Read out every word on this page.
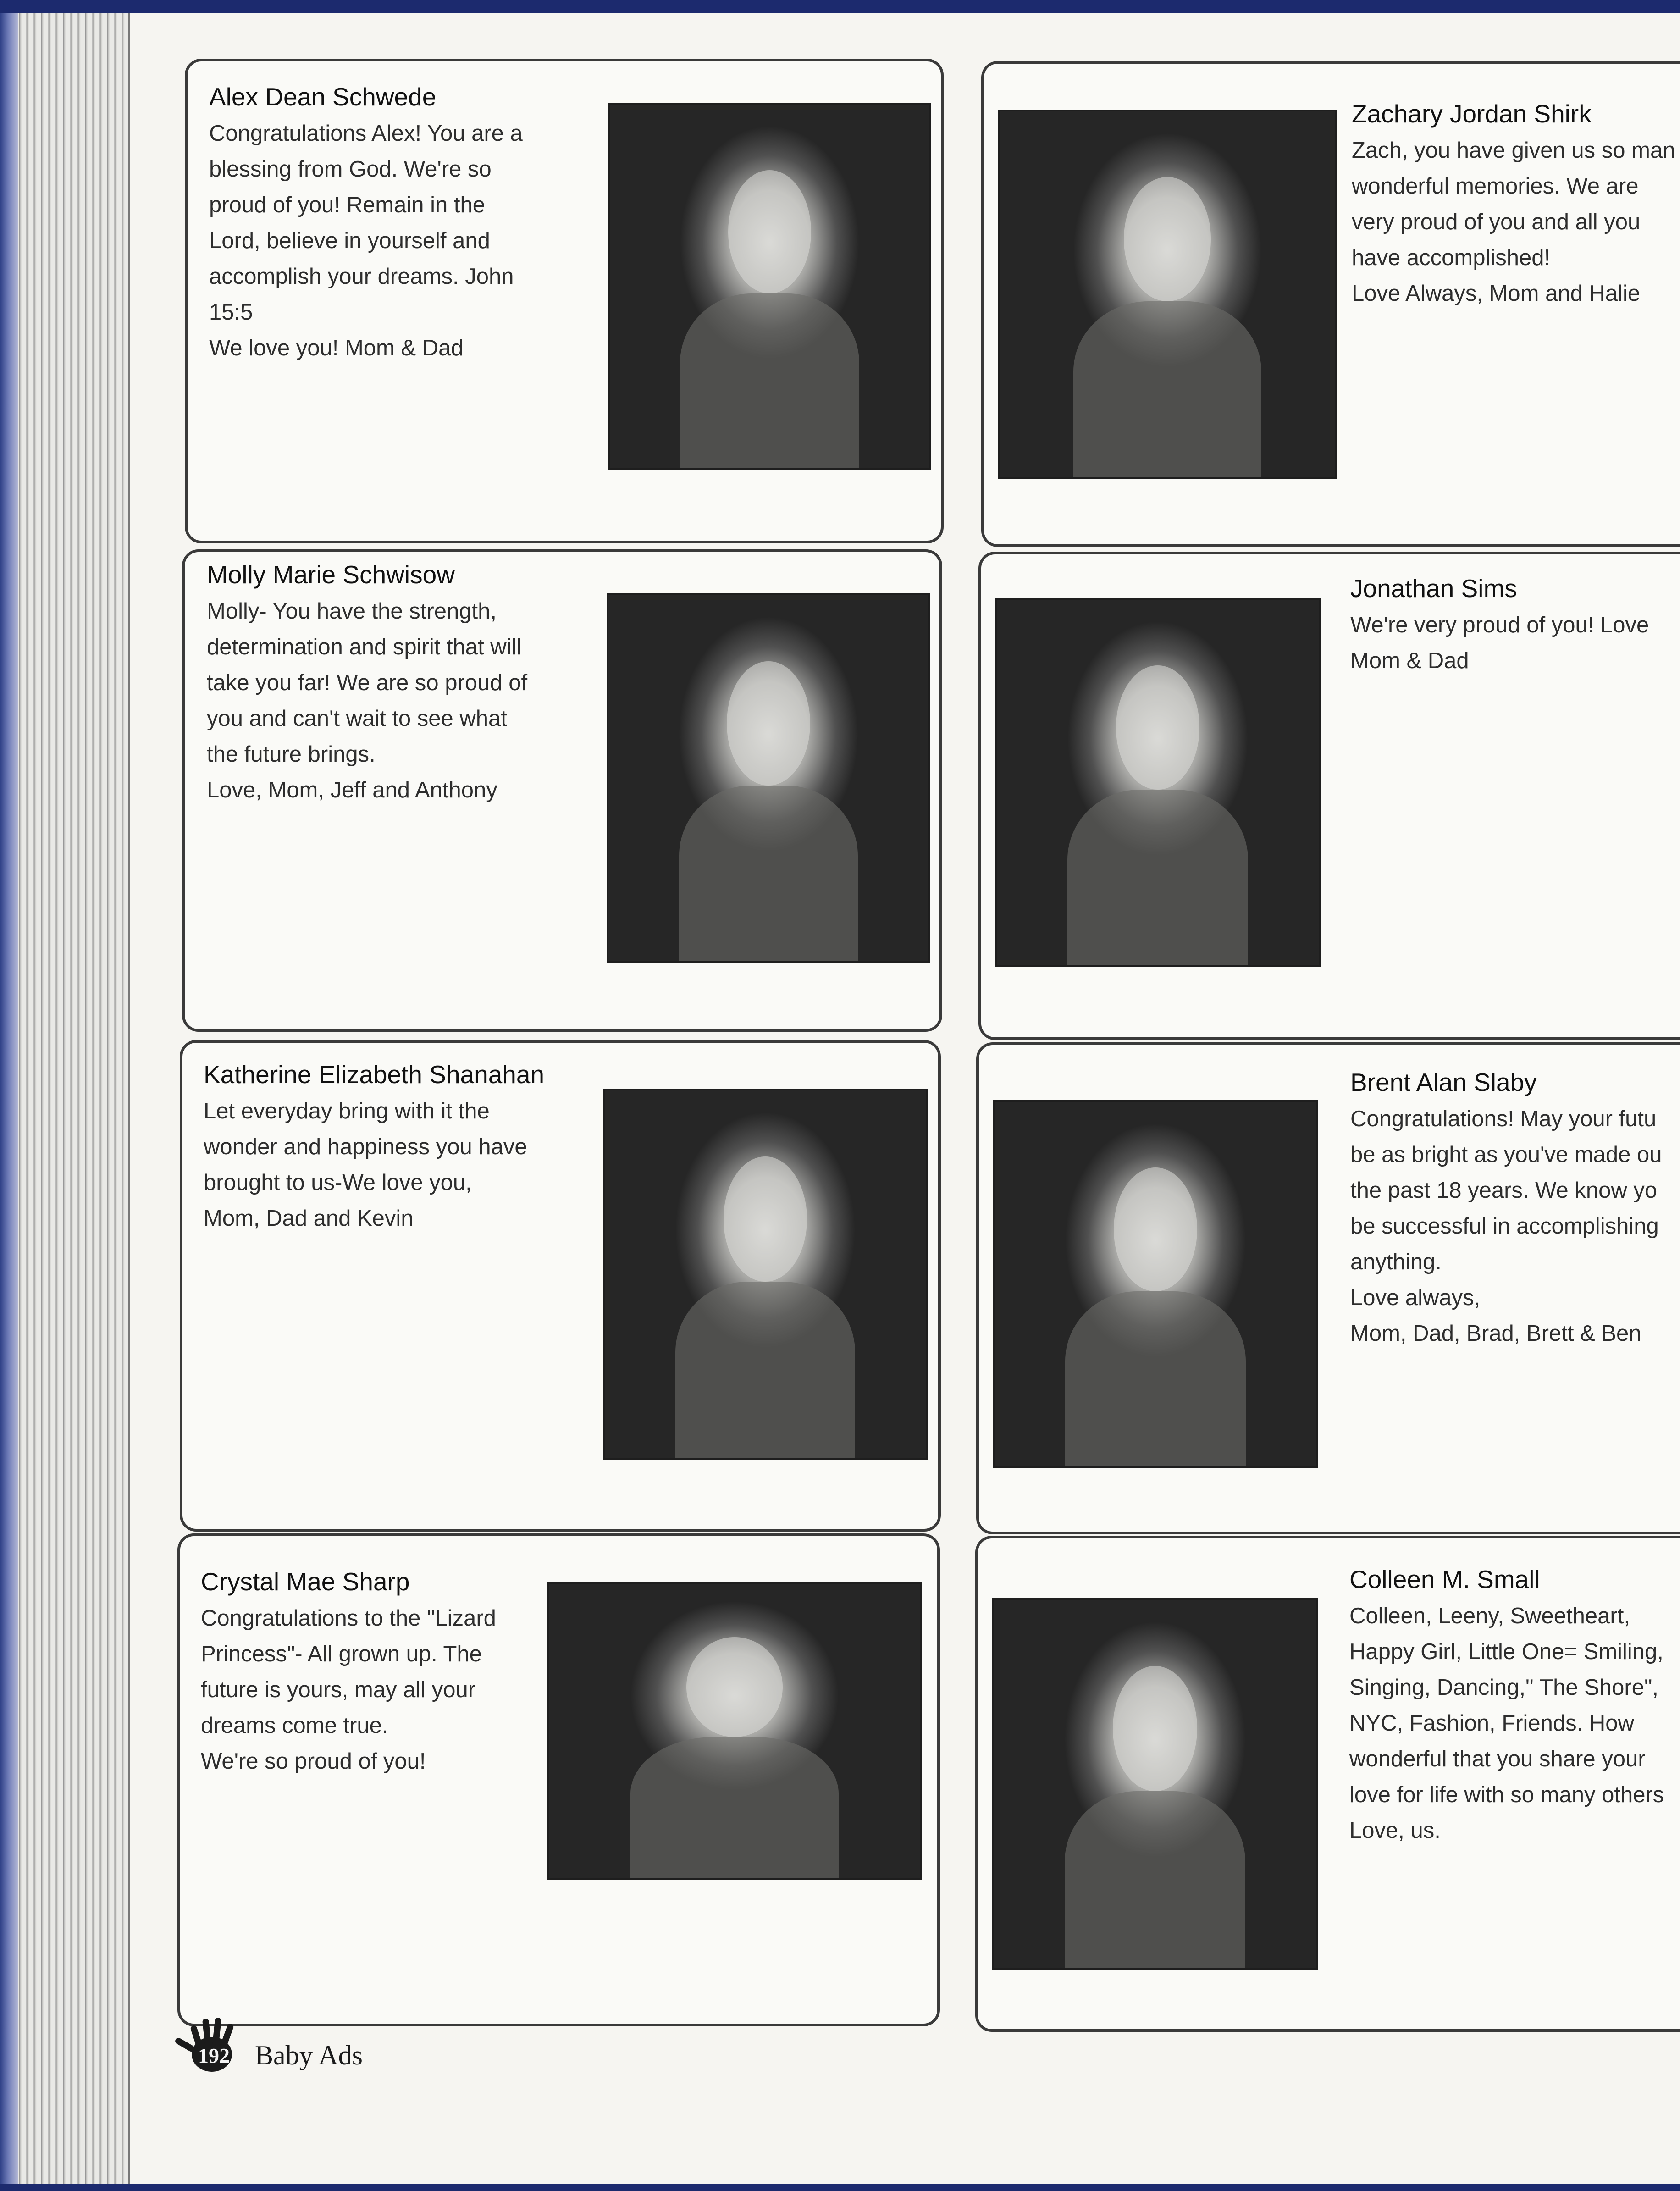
Alex Dean Schwede
Congratulations Alex! You are a
blessing from God. We're so
proud of you! Remain in the
Lord, believe in yourself and
accomplish your dreams. John
15:5
We love you! Mom & Dad
Zachary Jordan Shirk
Zach, you have given us so man
wonderful memories. We are
very proud of you and all you
have accomplished!
Love Always, Mom and Halie
Molly Marie Schwisow
Molly- You have the strength,
determination and spirit that will
take you far! We are so proud of
you and can't wait to see what
the future brings.
Love, Mom, Jeff and Anthony
Jonathan Sims
We're very proud of you! Love
Mom & Dad
Katherine Elizabeth Shanahan
Let everyday bring with it the
wonder and happiness you have
brought to us-We love you,
Mom, Dad and Kevin
Brent Alan Slaby
Congratulations! May your futu
be as bright as you've made ou
the past 18 years. We know yo
be successful in accomplishing
anything.
Love always,
Mom, Dad, Brad, Brett & Ben
Crystal Mae Sharp
Congratulations to the "Lizard
Princess"- All grown up. The
future is yours, may all your
dreams come true.
We're so proud of you!
Colleen M. Small
Colleen, Leeny, Sweetheart,
Happy Girl, Little One= Smiling,
Singing, Dancing," The Shore",
NYC, Fashion, Friends. How
wonderful that you share your
love for life with so many others
Love, us.
192 Baby Ads
